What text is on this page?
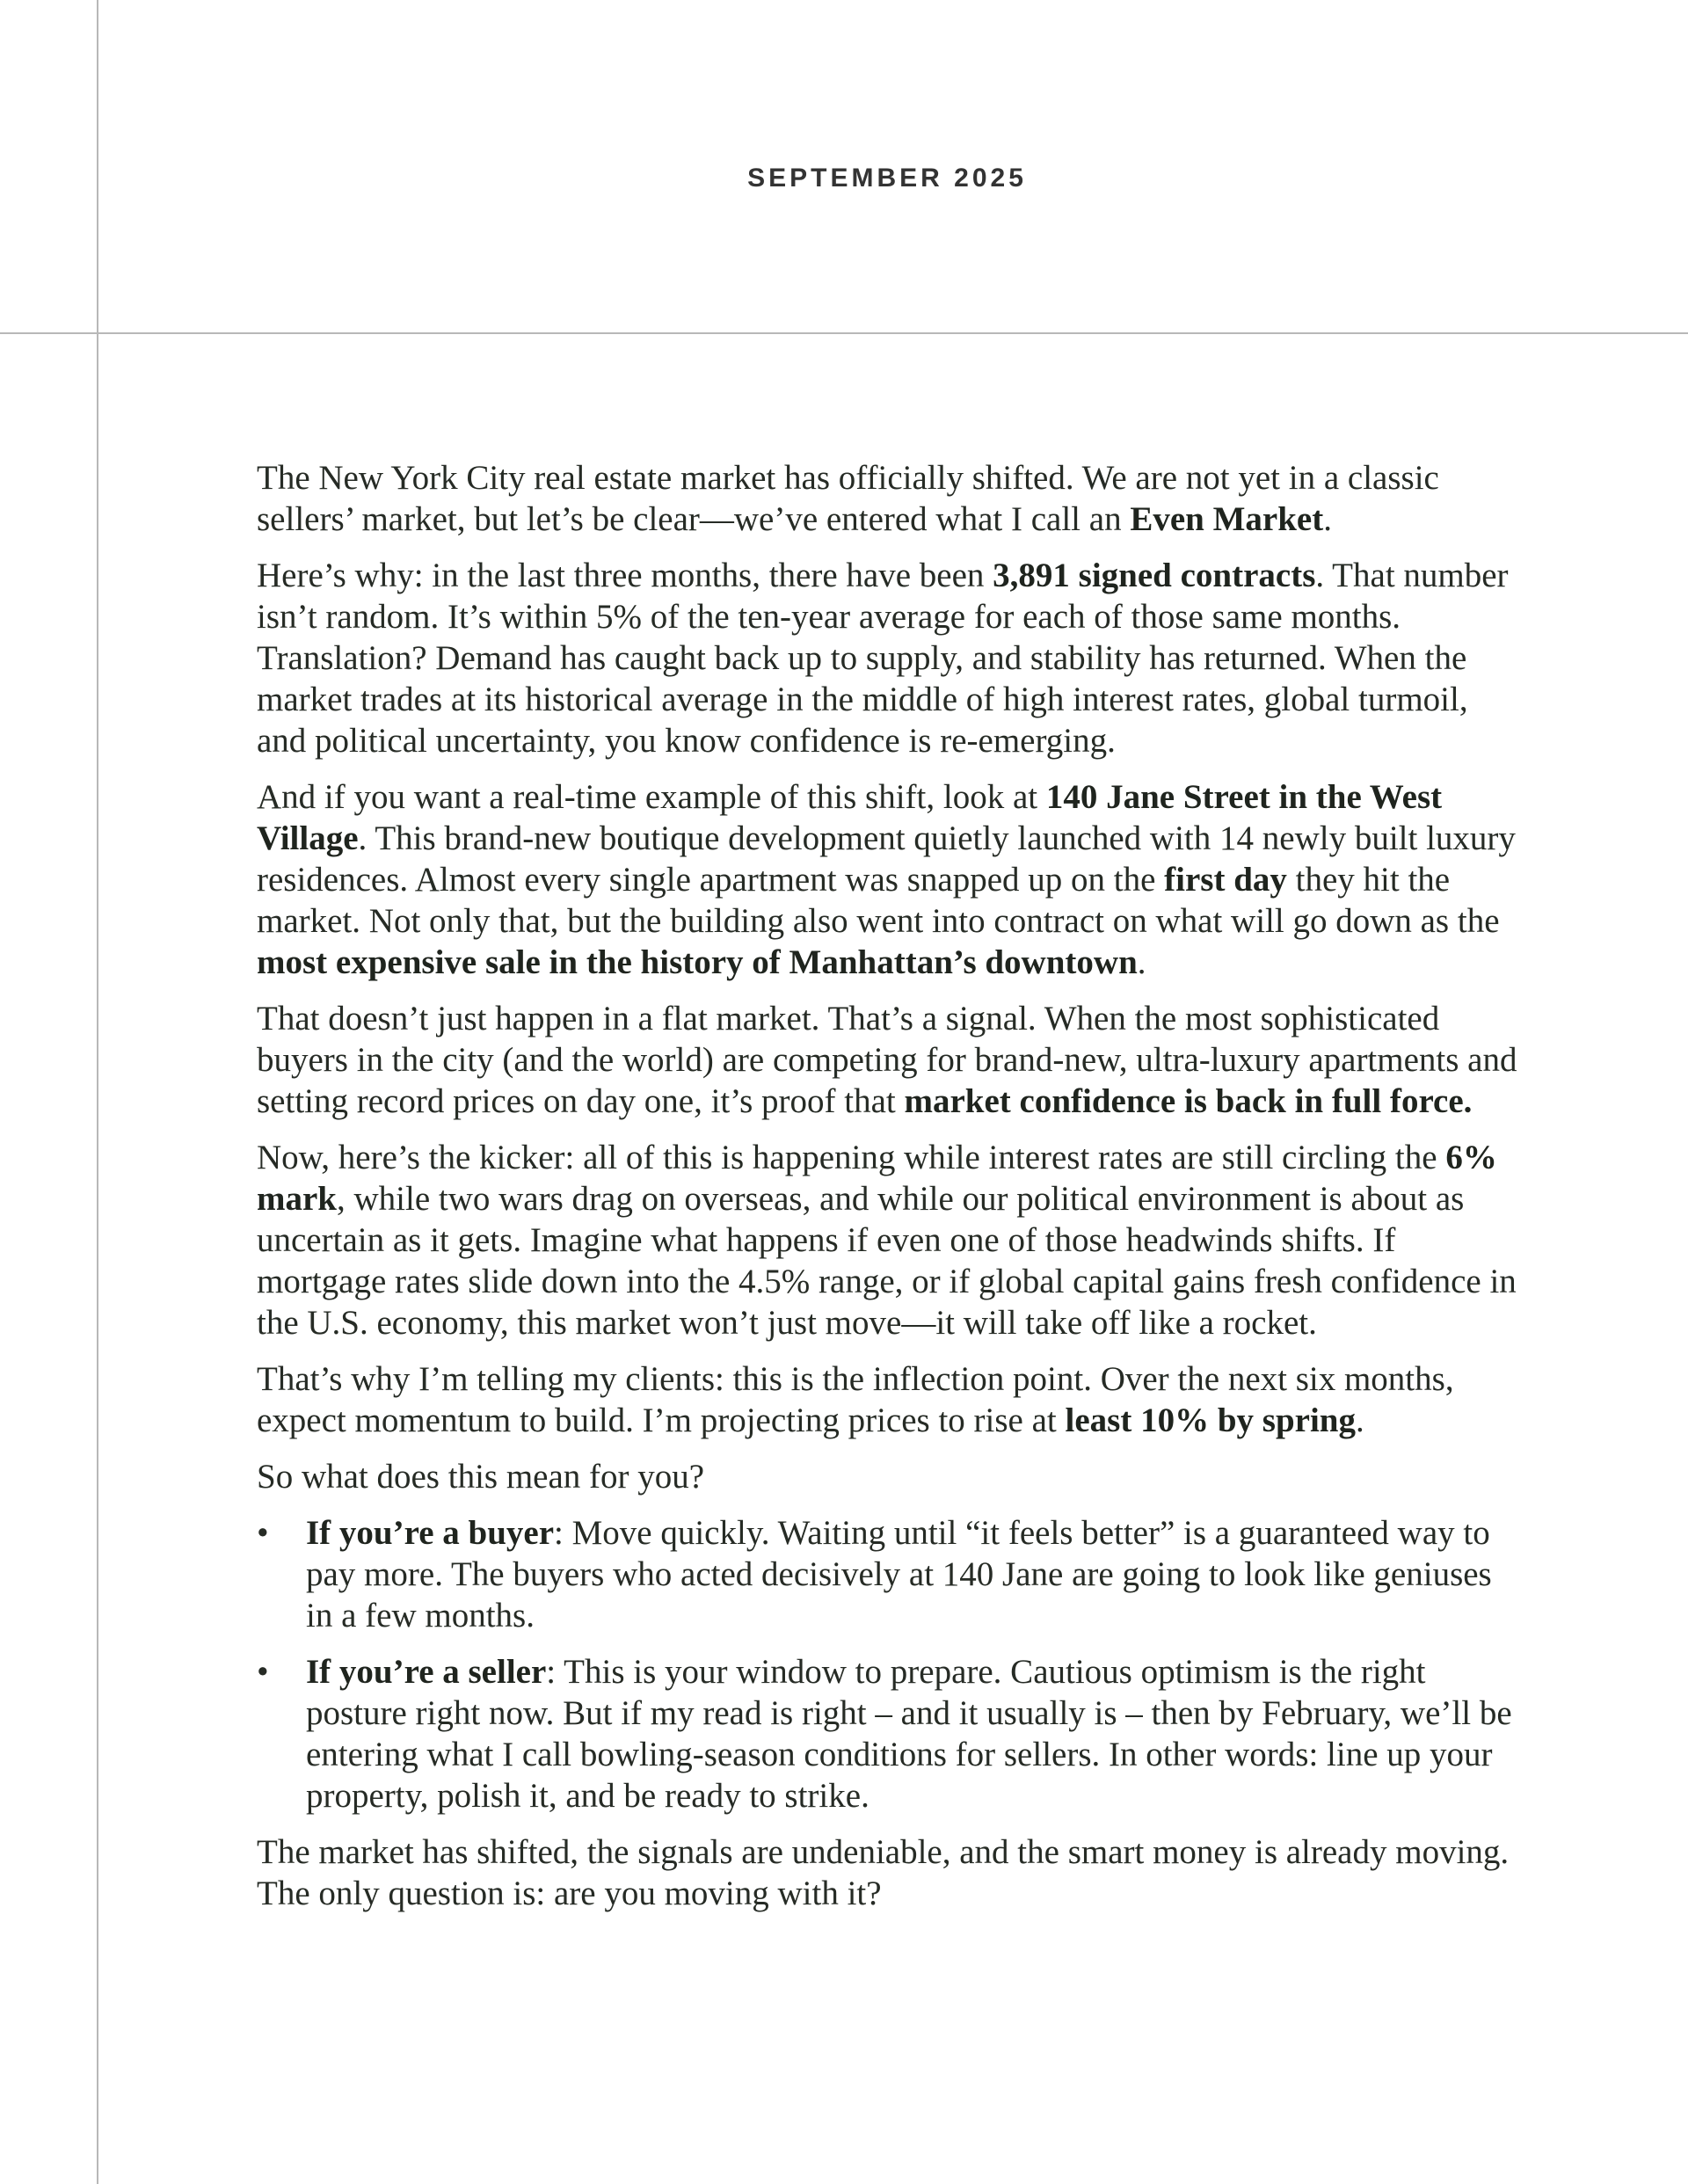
SEPTEMBER 2025

The New York City real estate market has officially shifted. We are not yet in a classic sellers’ market, but let’s be clear—we’ve entered what I call an Even Market.

Here’s why: in the last three months, there have been 3,891 signed contracts. That number isn’t random. It’s within 5% of the ten-year average for each of those same months. Translation? Demand has caught back up to supply, and stability has returned. When the market trades at its historical average in the middle of high interest rates, global turmoil, and political uncertainty, you know confidence is re-emerging.

And if you want a real-time example of this shift, look at 140 Jane Street in the West Village. This brand-new boutique development quietly launched with 14 newly built luxury residences. Almost every single apartment was snapped up on the first day they hit the market. Not only that, but the building also went into contract on what will go down as the most expensive sale in the history of Manhattan’s downtown.

That doesn’t just happen in a flat market. That’s a signal. When the most sophisticated buyers in the city (and the world) are competing for brand-new, ultra-luxury apartments and setting record prices on day one, it’s proof that market confidence is back in full force.

Now, here’s the kicker: all of this is happening while interest rates are still circling the 6% mark, while two wars drag on overseas, and while our political environment is about as uncertain as it gets. Imagine what happens if even one of those headwinds shifts. If mortgage rates slide down into the 4.5% range, or if global capital gains fresh confidence in the U.S. economy, this market won’t just move—it will take off like a rocket.

That’s why I’m telling my clients: this is the inflection point. Over the next six months, expect momentum to build. I’m projecting prices to rise at least 10% by spring.

So what does this mean for you?

•	If you’re a buyer: Move quickly. Waiting until “it feels better” is a guaranteed way to pay more. The buyers who acted decisively at 140 Jane are going to look like geniuses in a few months.
•	If you’re a seller: This is your window to prepare. Cautious optimism is the right posture right now. But if my read is right – and it usually is – then by February, we’ll be entering what I call bowling-season conditions for sellers. In other words: line up your property, polish it, and be ready to strike.

The market has shifted, the signals are undeniable, and the smart money is already moving. The only question is: are you moving with it?
